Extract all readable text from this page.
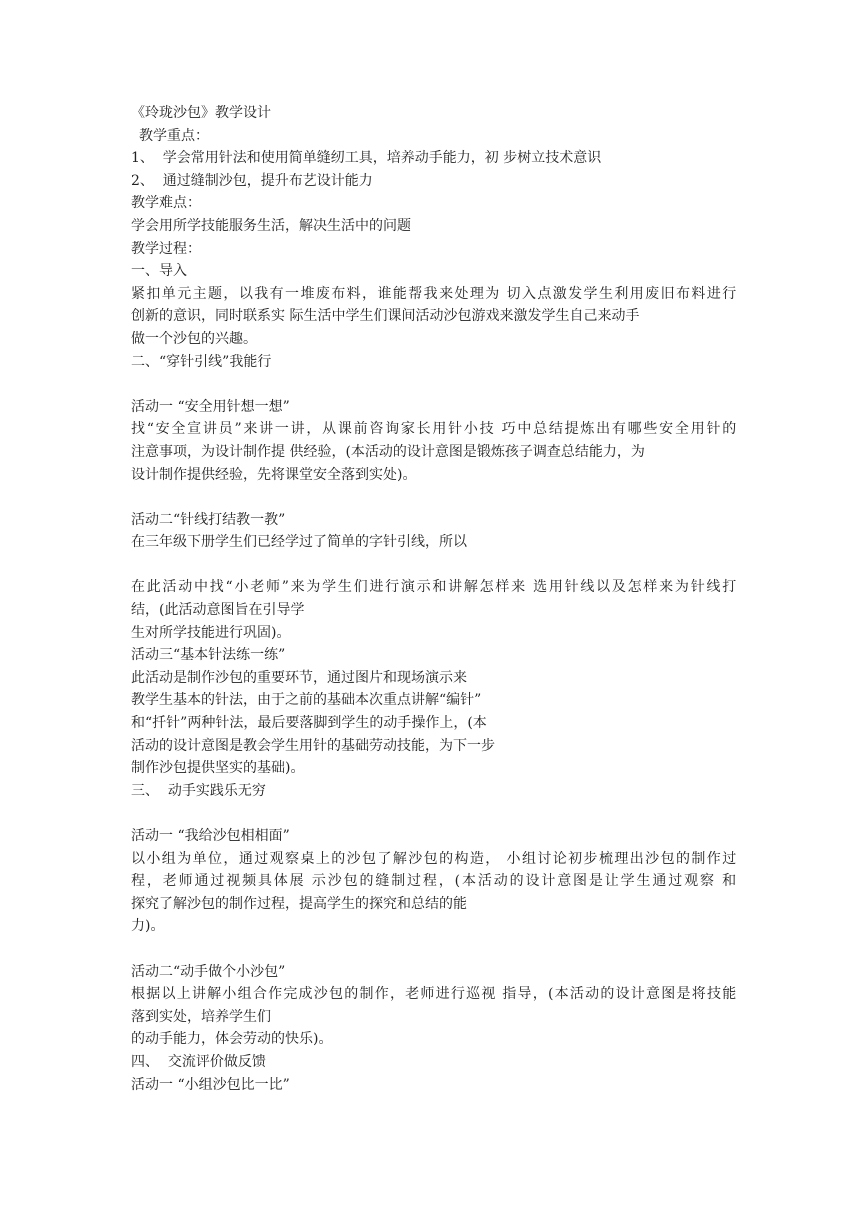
《玲珑沙包》教学设计
教学重点：
1、  学会常用针法和使用简单缝纫工具，培养动手能力，初 步树立技术意识
2、  通过缝制沙包，提升布艺设计能力
教学难点：
学会用所学技能服务生活，解决生活中的问题
教学过程：
一、导入
紧扣单元主题，以我有一堆废布料，谁能帮我来处理为 切入点激发学生利用废旧布料进行
创新的意识，同时联系实 际生活中学生们课间活动沙包游戏来激发学生自己来动手
做一个沙包的兴趣。
二、“穿针引线”我能行
活动一 “安全用针想一想”
找“安全宣讲员”来讲一讲，从课前咨询家长用针小技 巧中总结提炼出有哪些安全用针的
注意事项，为设计制作提 供经验，(本活动的设计意图是锻炼孩子调查总结能力，为
设计制作提供经验，先将课堂安全落到实处)。
活动二“针线打结教一教”
在三年级下册学生们已经学过了简单的字针引线，所以
在此活动中找“小老师”来为学生们进行演示和讲解怎样来 选用针线以及怎样来为针线打
结，(此活动意图旨在引导学
生对所学技能进行巩固)。
活动三“基本针法练一练”
此活动是制作沙包的重要环节，通过图片和现场演示来
教学生基本的针法，由于之前的基础本次重点讲解“编针”
和“扦针”两种针法，最后要落脚到学生的动手操作上，(本
活动的设计意图是教会学生用针的基础劳动技能，为下一步
制作沙包提供坚实的基础)。
三、  动手实践乐无穷
活动一 “我给沙包相相面”
以小组为单位，通过观察桌上的沙包了解沙包的构造， 小组讨论初步梳理出沙包的制作过
程，老师通过视频具体展 示沙包的缝制过程，(本活动的设计意图是让学生通过观察 和
探究了解沙包的制作过程，提高学生的探究和总结的能
力)。
活动二“动手做个小沙包”
根据以上讲解小组合作完成沙包的制作，老师进行巡视 指导，(本活动的设计意图是将技能
落到实处，培养学生们
的动手能力，体会劳动的快乐)。
四、  交流评价做反馈
活动一 “小组沙包比一比”
